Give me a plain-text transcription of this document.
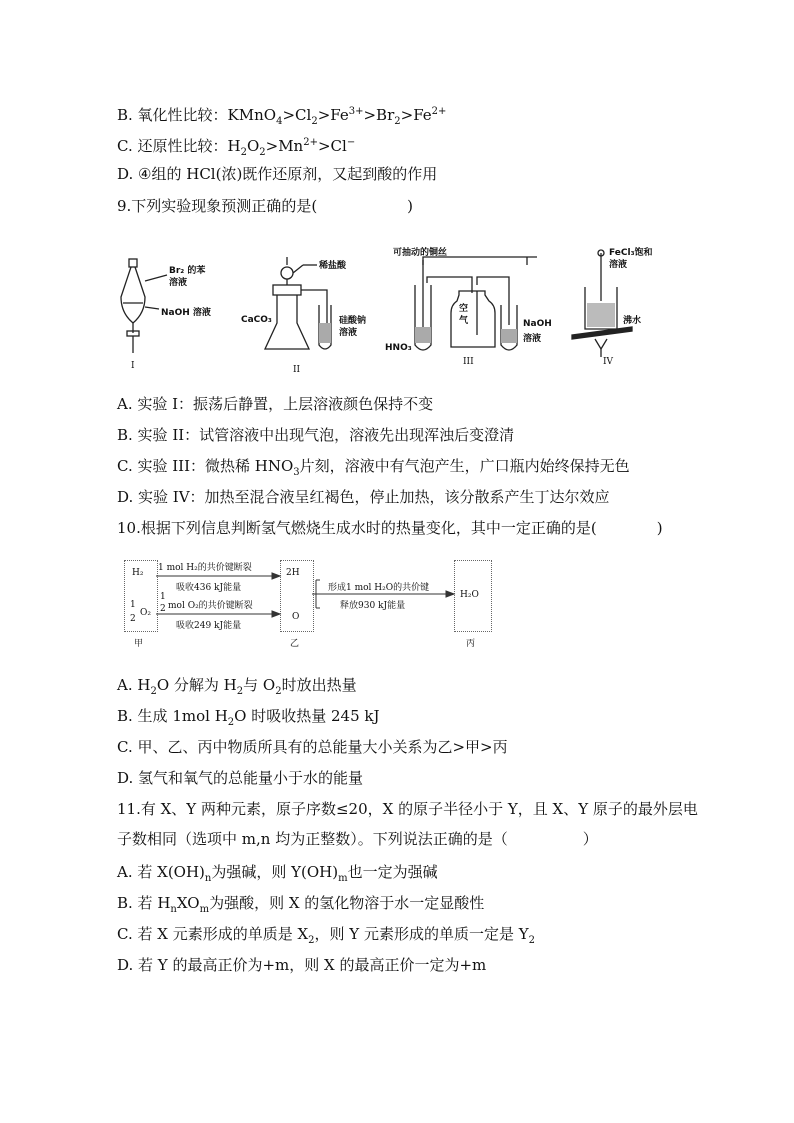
B. 氧化性比较：$KMnO_4>Cl_2>Fe^{3+}>Br_2>Fe^{2+}$
C. 还原性比较：$H_2O_2>Mn^{2+}>Cl^-$
D. ④组的 HCl(浓)既作还原剂，又起到酸的作用
9.下列实验现象预测正确的是(　　　　　　)
Br₂ 的苯
溶液
NaOH 溶液
稀盐酸
CaCO₃	硅酸钠
溶液
可抽动的铜丝
空
气
HNO₃
NaOH
溶液
FeCl₃饱和
溶液
沸水
I	II
III	IV
A. 实验 I：振荡后静置，上层溶液颜色保持不变
B. 实验 II：试管溶液中出现气泡，溶液先出现浑浊后变澄清
C. 实验 III：微热稀 $HNO_3$片刻，溶液中有气泡产生，广口瓶内始终保持无色
D. 实验 IV：加热至混合液呈红褐色，停止加热，该分散系产生丁达尔效应
10.根据下列信息判断氢气燃烧生成水时的热量变化，其中一定正确的是(　　　　)
H₂
1
2
O₂
1 mol H₂的共价键断裂
吸收436 kJ能量
1
2 mol O₂的共价键断裂
吸收249 kJ能量
2H
O
形成1 mol H₂O的共价键
释放930 kJ能量
H₂O
甲	乙	丙
A. $H_2O$ 分解为 $H_2$与 $O_2$时放出热量
B. 生成 1mol $H_2O$ 时吸收热量 245 kJ
C. 甲、乙、丙中物质所具有的总能量大小关系为乙>甲>丙
D. 氢气和氧气的总能量小于水的能量
11.有 X、Y 两种元素，原子序数≤20，X 的原子半径小于 Y，且 X、Y 原子的最外层电
子数相同（选项中 m,n 均为正整数）。下列说法正确的是（　　　　　）
A. 若 $X(OH)_n$为强碱，则 $Y(OH)_m$也一定为强碱
B. 若 $H_nXO_m$为强酸，则 X 的氢化物溶于水一定显酸性
C. 若 X 元素形成的单质是 $X_2$，则 Y 元素形成的单质一定是 $Y_2$
D. 若 Y 的最高正价为+m，则 X 的最高正价一定为+m
